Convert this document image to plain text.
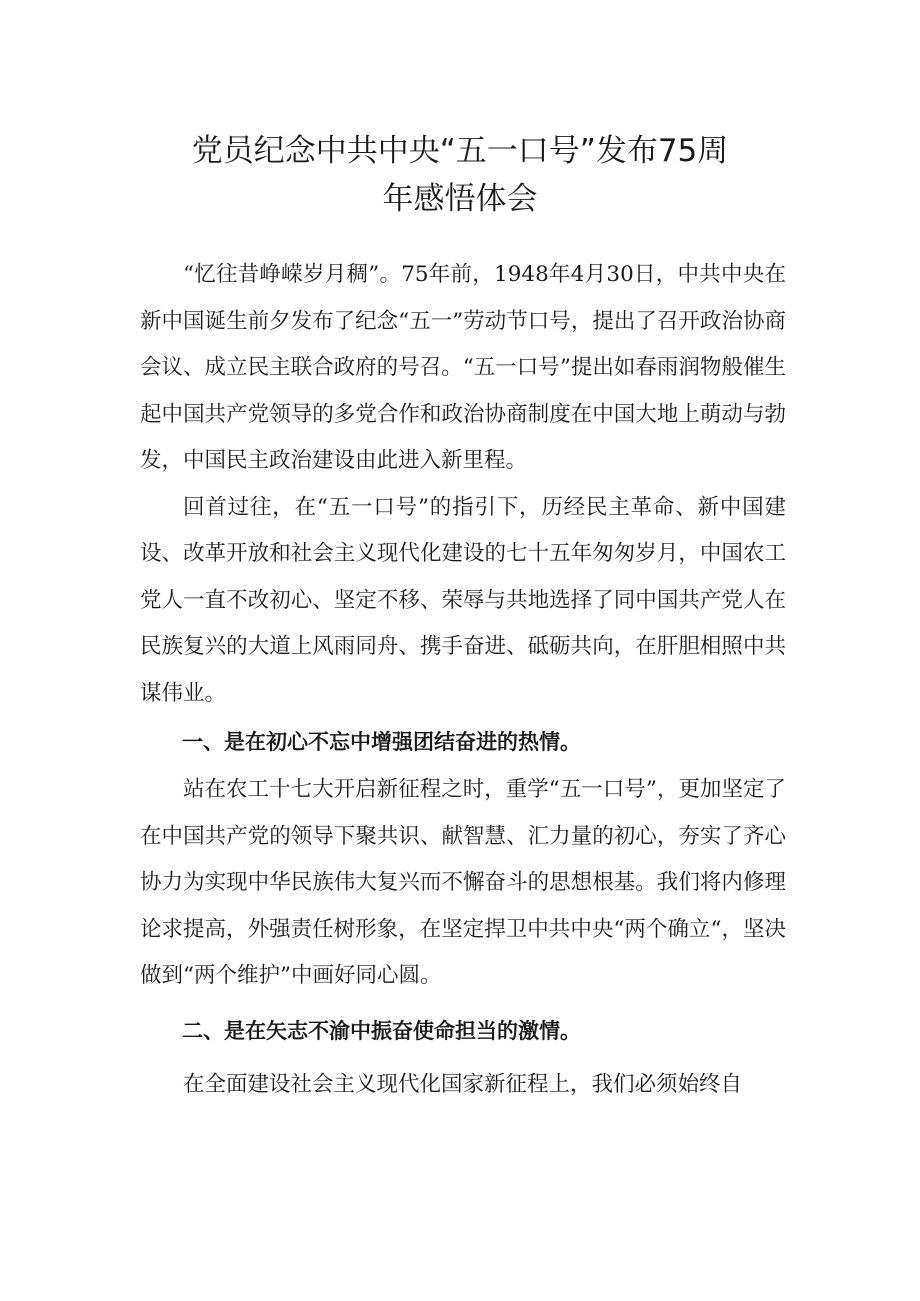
党员纪念中共中央“五一口号”发布75周
年感悟体会

“忆往昔峥嵘岁月稠”。75年前，1948年4月30日，中共中央在新中国诞生前夕发布了纪念“五一”劳动节口号，提出了召开政治协商会议、成立民主联合政府的号召。“五一口号”提出如春雨润物般催生起中国共产党领导的多党合作和政治协商制度在中国大地上萌动与勃发，中国民主政治建设由此进入新里程。

回首过往，在“五一口号”的指引下，历经民主革命、新中国建设、改革开放和社会主义现代化建设的七十五年匆匆岁月，中国农工党人一直不改初心、坚定不移、荣辱与共地选择了同中国共产党人在民族复兴的大道上风雨同舟、携手奋进、砥砺共向，在肝胆相照中共谋伟业。

一、是在初心不忘中增强团结奋进的热情。

站在农工十七大开启新征程之时，重学“五一口号”，更加坚定了在中国共产党的领导下聚共识、献智慧、汇力量的初心，夯实了齐心协力为实现中华民族伟大复兴而不懈奋斗的思想根基。我们将内修理论求提高，外强责任树形象，在坚定捍卫中共中央“两个确立“，坚决做到“两个维护”中画好同心圆。

二、是在矢志不渝中振奋使命担当的激情。

在全面建设社会主义现代化国家新征程上，我们必须始终自
